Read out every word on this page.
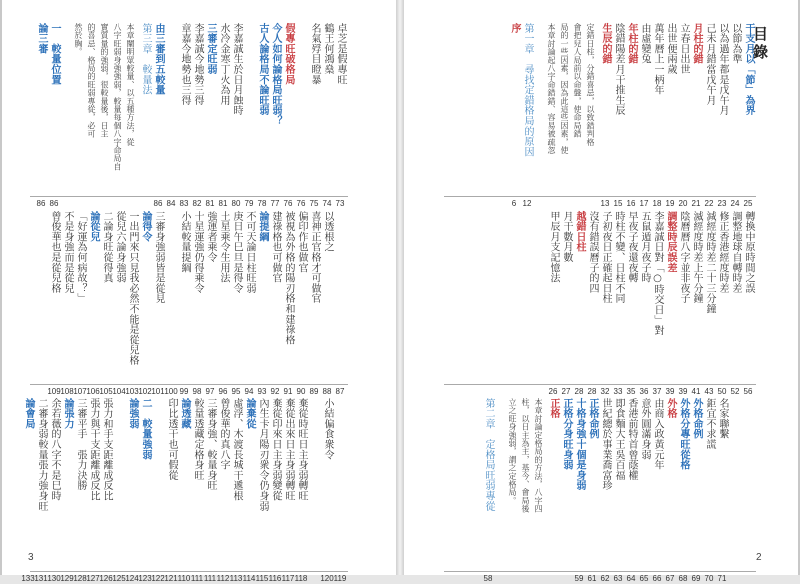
卓芝是假專旺
73
鶴王何鴻燊
74
名氣殍目瞪暴
75
76
假專旺破格局
76
今人如何論格局旺弱？
77
古人論格局不論旺弱
78
79
李嘉誠生於日月蝕時
80
水冷金寒丁火為用
81
三審定旺弱
81
李嘉誠今地勢三得
82
章嘉今地勢也三得
83
84
由三審到五較量
86
第三章　較量法
本章闡明眾較量、以五種方法，從
八字旺弱身強強弱，較量每個八字命局自
實質量的強弱，很較量後，日主
的喜忌、格局的旺弱專從，必可
然於胸。
一　較量位置
86
論三審
86
87
以透根之
88
喜神正官格才可做官
89
偏印作也做官
90
被視為外格的陽刃格和建祿格
91
建祿格也可做官
92
論提綱
93
不可天論日柱旺弱
94
庚日午巳旦是得令
95
土星乘令生用法
96
強運者乘令
97
十星運強仍得乘令
98
小結較量提綱
99
100
三審身強弱皆是從見
101
論得令
102
一出門來只見我必然不能是從兒格
103
從兒六論身強弱
104
二論身旺從得真
105
論從兒
106
「好運為何病故？」
107
不是身強而是從兒
108
曾俊華也是從兒格
109
119
小結偏食衆令
120
棄從時旺日主身弱轉旺
118
棄從出來日主身弱轉旺
117
棄從印來日主身弱變從
116
內生卡月陽刃衆令仍身弱
115
論棄從
114
虛浮、木渡長城干遞根
113
曾俊華的真八字
112
三審身強、較量身旺
111
較量透藏定格身旺
111
論透藏
110
印比透干也可假從
121
122
二　較量強弱
123
論強弱
124
125
張力和手支距離成反比
126
張力與干支距離成反比
127
三審平手　張力決勝
128
論張力
129
余若薇的八字不是巳時
130
二審身弱較量張力強身旺
131
論會局
133
3
目錄
干支月以「節」為界
25
以節為準
24
以為過年都是戊午月
23
己未月錯當戊午月
22
月柱的錯
21
立春日出世
20
出世便兩歲
19
萬年曆上一柄年
18
由虛變兔
17
年柱的錯
16
陰錯陽差月干推生辰
15
生辰的錯
13
定錯日柱，分錯喜忌，以致錯判格
會把兒人局前以命盤，使命局錯
局的一些因素，因為此這些因素，使
本章討論起八字命錯錯、容易被疏忽
第一章　尋找定錯格局的原因
12
序
6
轉換中原時間之誤
56
調整地球自轉時差
52
修正香港經度時差
50
減經度時差二十三分鐘
43
滅經度時差上午分鐘
41
陰曆曆八字並非夜子
39
調整時辰誤差
39
李嘉誠日對「○時交日」對
37
五鼠遁月夜子時
36
早夜子夜還夜轉
35
時柱不變、日柱不同
33
子初夜日正確起日柱
32
沒有錯誤曆子的四
28
越錯日柱
28
月干數月數
27
甲辰月支記憶法
26
名家聯繫
71
鉅宜不求謊
70
外格命例
69
外格分專旺從格
68
外格
67
由商入政黃元年
66
意外圓滿身弱
65
香港前特首曾蔭權
64
即食麵大王吳百福
63
世紀總於事業喬富珍
62
正格命例
61
十格身強十個是身弱
59
正格分身旺身弱
正格
本章討論定格局的方法，八字四
柱，以日主為主，基今、會局後
立之旺身強弱，謂之定格局。
第二章　定格局旺弱專從
58
2
